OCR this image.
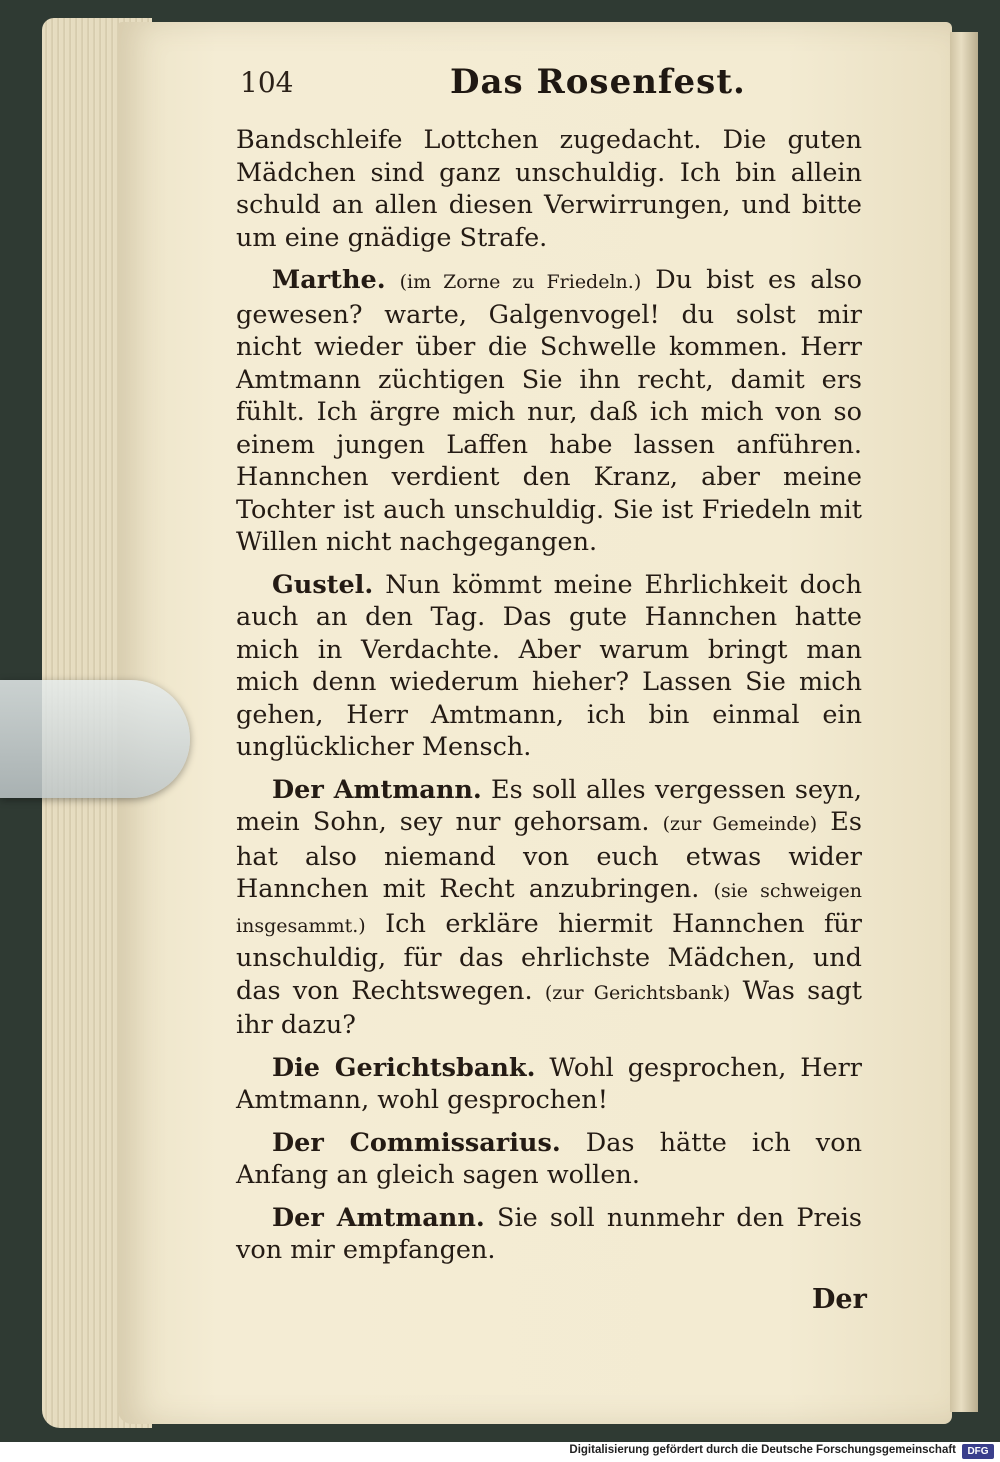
104	Das Rosenfest.

Bandschleife Lottchen zugedacht. Die guten Mädchen sind ganz unschuldig. Ich bin allein schuld an allen diesen Verwirrungen, und bitte um eine gnädige Strafe.

Marthe. (im Zorne zu Friedeln.) Du bist es also gewesen? warte, Galgenvogel! du solst mir nicht wieder über die Schwelle kommen. Herr Amtmann züchtigen Sie ihn recht, damit ers fühlt. Ich ärgre mich nur, daß ich mich von so einem jungen Laffen habe lassen anführen. Hannchen verdient den Kranz, aber meine Tochter ist auch unschuldig. Sie ist Friedeln mit Willen nicht nachgegangen.

Gustel. Nun kömmt meine Ehrlichkeit doch auch an den Tag. Das gute Hannchen hatte mich in Verdachte. Aber warum bringt man mich denn wiederum hieher? Lassen Sie mich gehen, Herr Amtmann, ich bin einmal ein unglücklicher Mensch.

Der Amtmann. Es soll alles vergessen seyn, mein Sohn, sey nur gehorsam. (zur Gemeinde) Es hat also niemand von euch etwas wider Hannchen mit Recht anzubringen. (sie schweigen insgesammt.) Ich erkläre hiermit Hannchen für unschuldig, für das ehrlichste Mädchen, und das von Rechtswegen. (zur Gerichtsbank) Was sagt ihr dazu?

Die Gerichtsbank. Wohl gesprochen, Herr Amtmann, wohl gesprochen!

Der Commissarius. Das hätte ich von Anfang an gleich sagen wollen.

Der Amtmann. Sie soll nunmehr den Preis von mir empfangen.

Der
Digitalisierung gefördert durch die Deutsche Forschungsgemeinschaft	DFG
